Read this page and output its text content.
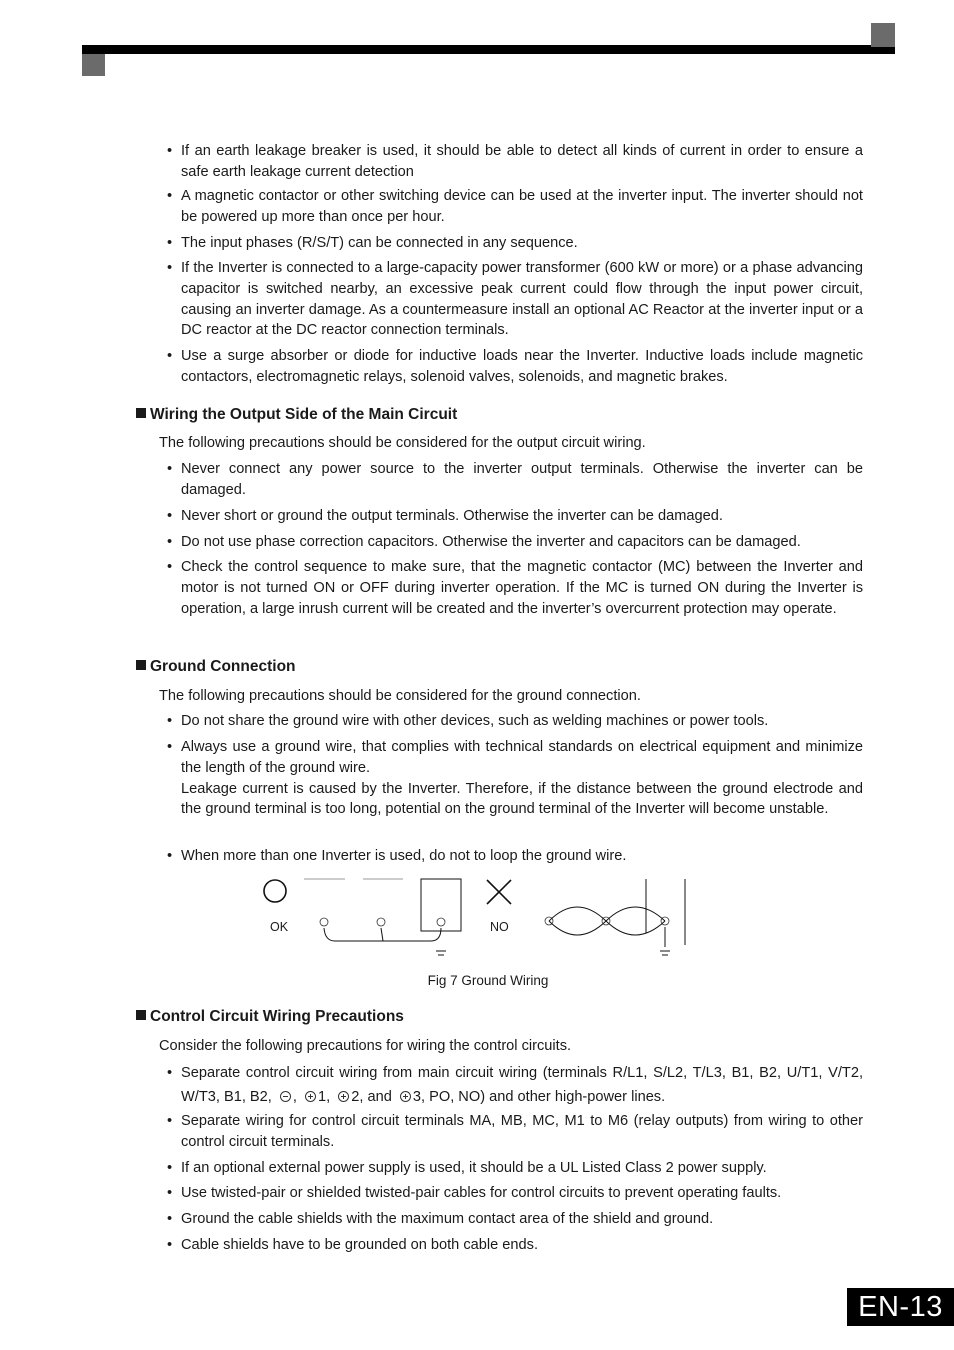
• If an earth leakage breaker is used, it should be able to detect all kinds of current in order to ensure a safe earth leakage current detection
• A magnetic contactor or other switching device can be used at the inverter input. The inverter should not be powered up more than once per hour.
• The input phases (R/S/T) can be connected in any sequence.
• If the Inverter is connected to a large-capacity power transformer (600 kW or more) or a phase advancing capacitor is switched nearby, an excessive peak current could flow through the input power circuit, causing an inverter damage. As a countermeasure install an optional AC Reactor at the inverter input or a DC reactor at the DC reactor connection terminals.
• Use a surge absorber or diode for inductive loads near the Inverter. Inductive loads include magnetic contactors, electromagnetic relays, solenoid valves, solenoids, and magnetic brakes.
Wiring the Output Side of the Main Circuit
The following precautions should be considered for the output circuit wiring.
• Never connect any power source to the inverter output terminals. Otherwise the inverter can be damaged.
• Never short or ground the output terminals. Otherwise the inverter can be damaged.
• Do not use phase correction capacitors. Otherwise the inverter and capacitors can be damaged.
• Check the control sequence to make sure, that the magnetic contactor (MC) between the Inverter and motor is not turned ON or OFF during inverter operation. If the MC is turned ON during the Inverter is operation, a large inrush current will be created and the inverter’s overcurrent protection may operate.
Ground Connection
The following precautions should be considered for the ground connection.
• Do not share the ground wire with other devices, such as welding machines or power tools.
• Always use a ground wire, that complies with technical standards on electrical equipment and minimize the length of the ground wire.
Leakage current is caused by the Inverter. Therefore, if the distance between the ground electrode and the ground terminal is too long, potential on the ground terminal of the Inverter will become unstable.
• When more than one Inverter is used, do not to loop the ground wire.
OK	NO
Fig 7 Ground Wiring
Control Circuit Wiring Precautions
Consider the following precautions for wiring the control circuits.
• Separate control circuit wiring from main circuit wiring (terminals R/L1, S/L2, T/L3, B1, B2, U/T1, V/T2, W/T3, B1, B2, , 1, 2, and 3, PO, NO) and other high-power lines.
• Separate wiring for control circuit terminals MA, MB, MC, M1 to M6 (relay outputs) from wiring to other control circuit terminals.
• If an optional external power supply is used, it should be a UL Listed Class 2 power supply.
• Use twisted-pair or shielded twisted-pair cables for control circuits to prevent operating faults.
• Ground the cable shields with the maximum contact area of the shield and ground.
• Cable shields have to be grounded on both cable ends.
EN-13
